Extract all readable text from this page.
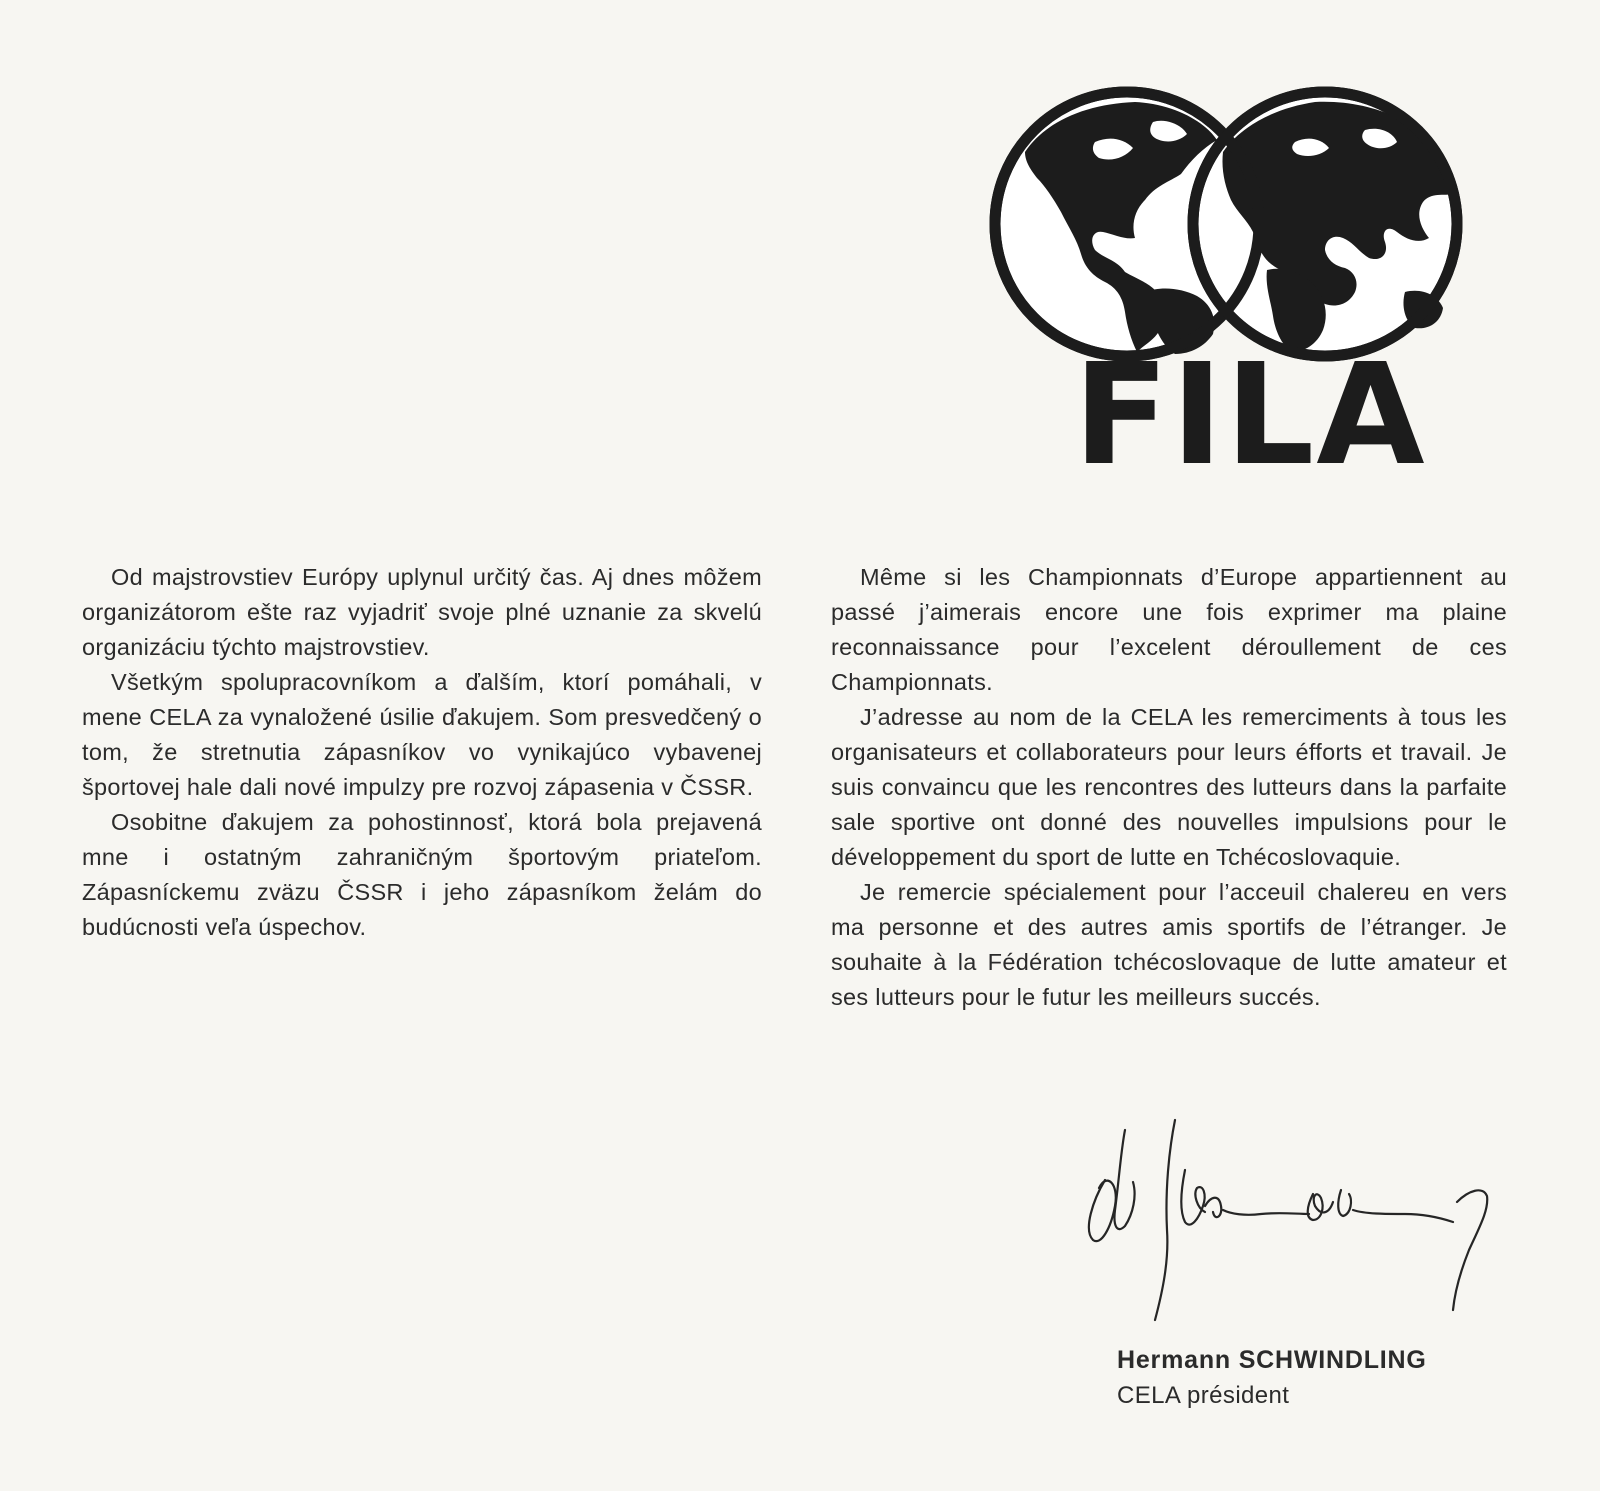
FILA

Od majstrovstiev Európy uplynul určitý čas. Aj dnes môžem organizátorom ešte raz vyjadriť svoje plné uznanie za skvelú organizáciu týchto majstrovstiev.

Všetkým spolupracovníkom a ďalším, ktorí pomáhali, v mene CELA za vynaložené úsilie ďakujem. Som presvedčený o tom, že stretnutia zápasníkov vo vynikajúco vybavenej športovej hale dali nové impulzy pre rozvoj zápasenia v ČSSR.

Osobitne ďakujem za pohostinnosť, ktorá bola prejavená mne i ostatným zahraničným športovým priateľom. Zápasníckemu zväzu ČSSR i jeho zápasníkom želám do budúcnosti veľa úspechov.

Même si les Championnats d’Europe appartiennent au passé j’aimerais encore une fois exprimer ma plaine reconnaissance pour l’excelent déroullement de ces Championnats.

J’adresse au nom de la CELA les remerciments à tous les organisateurs et collaborateurs pour leurs éfforts et travail. Je suis convaincu que les rencontres des lutteurs dans la parfaite sale sportive ont donné des nouvelles impulsions pour le développement du sport de lutte en Tchécoslovaquie.

Je remercie spécialement pour l’acceuil chalereu en vers ma personne et des autres amis sportifs de l’étranger. Je souhaite à la Fédération tchécoslovaque de lutte amateur et ses lutteurs pour le futur les meilleurs succés.

Hermann SCHWINDLING
CELA président
